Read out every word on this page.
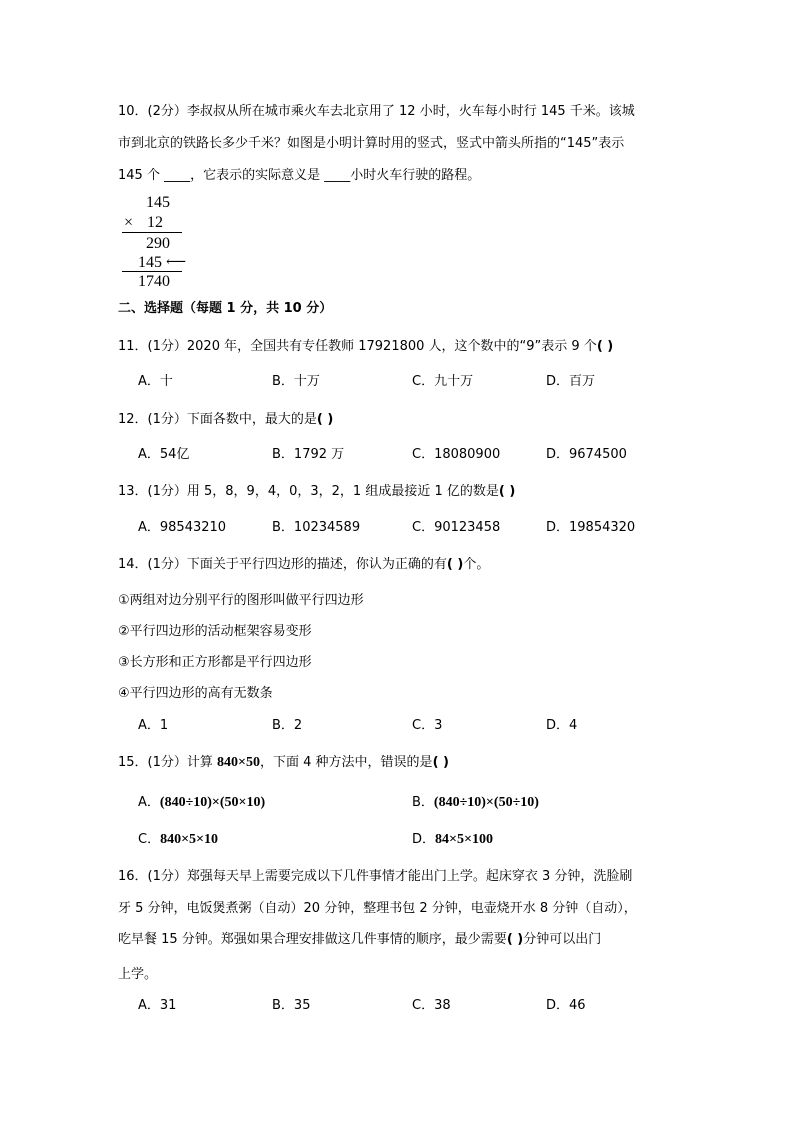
10．(2分）李叔叔从所在城市乘火车去北京用了 12 小时，火车每小时行 145 千米。该城
市到北京的铁路长多少千米？如图是小明计算时用的竖式，竖式中箭头所指的“145”表示
145 个 ____，它表示的实际意义是 ____小时火车行驶的路程。
145
× 12
290
145 ⟵
1740
二、选择题（每题 1 分，共 10 分）
11．(1分）2020 年，全国共有专任教师 17921800 人，这个数中的“9”表示 9 个( )
A．十	B．十万	C．九十万	D．百万
12．(1分）下面各数中，最大的是( )
A．54亿	B．1792 万	C．18080900	D．9674500
13．(1分）用 5，8，9，4，0，3，2，1 组成最接近 1 亿的数是( )
A．98543210	B．10234589	C．90123458	D．19854320
14．(1分）下面关于平行四边形的描述，你认为正确的有( )个。
①两组对边分别平行的图形叫做平行四边形
②平行四边形的活动框架容易变形
③长方形和正方形都是平行四边形
④平行四边形的高有无数条
A．1	B．2	C．3	D．4
15．(1分）计算 840×50，下面 4 种方法中，错误的是( )
A．(840÷10)×(50×10)	B．(840÷10)×(50÷10)
C．840×5×10	D．84×5×100
16．(1分）郑强每天早上需要完成以下几件事情才能出门上学。起床穿衣 3 分钟，洗脸刷
牙 5 分钟，电饭煲煮粥（自动）20 分钟，整理书包 2 分钟，电壶烧开水 8 分钟（自动），
吃早餐 15 分钟。郑强如果合理安排做这几件事情的顺序，最少需要( )分钟可以出门
上学。
A．31	B．35	C．38	D．46
